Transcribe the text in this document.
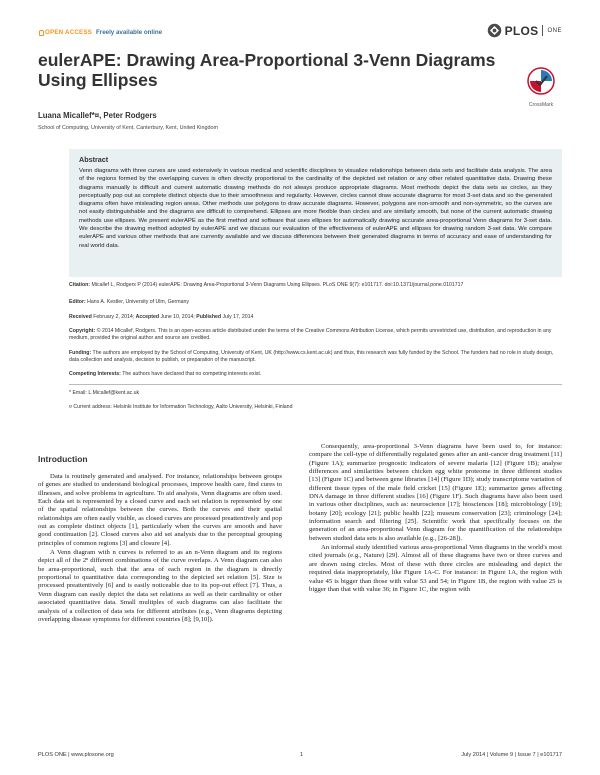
OPEN ACCESS Freely available online	PLOS ONE
eulerAPE: Drawing Area-Proportional 3-Venn Diagrams Using Ellipses
CrossMark
Luana Micallef*¤, Peter Rodgers
School of Computing, University of Kent, Canterbury, Kent, United Kingdom
Abstract

Venn diagrams with three curves are used extensively in various medical and scientific disciplines to visualize relationships between data sets and facilitate data analysis. The area of the regions formed by the overlapping curves is often directly proportional to the cardinality of the depicted set relation or any other related quantitative data. Drawing these diagrams manually is difficult and current automatic drawing methods do not always produce appropriate diagrams. Most methods depict the data sets as circles, as they perceptually pop out as complete distinct objects due to their smoothness and regularity. However, circles cannot draw accurate diagrams for most 3-set data and so the generated diagrams often have misleading region areas. Other methods use polygons to draw accurate diagrams. However, polygons are non-smooth and non-symmetric, so the curves are not easily distinguishable and the diagrams are difficult to comprehend. Ellipses are more flexible than circles and are similarly smooth, but none of the current automatic drawing methods use ellipses. We present eulerAPE as the first method and software that uses ellipses for automatically drawing accurate area-proportional Venn diagrams for 3-set data. We describe the drawing method adopted by eulerAPE and we discuss our evaluation of the effectiveness of eulerAPE and ellipses for drawing random 3-set data. We compare eulerAPE and various other methods that are currently available and we discuss differences between their generated diagrams in terms of accuracy and ease of understanding for real world data.

Citation: Micallef L, Rodgers P (2014) eulerAPE: Drawing Area-Proportional 3-Venn Diagrams Using Ellipses. PLoS ONE 9(7): e101717. doi:10.1371/journal.pone.0101717
Editor: Hans A. Kestler, University of Ulm, Germany
Received February 2, 2014; Accepted June 10, 2014; Published July 17, 2014
Copyright: © 2014 Micallef, Rodgers. This is an open-access article distributed under the terms of the Creative Commons Attribution License, which permits unrestricted use, distribution, and reproduction in any medium, provided the original author and source are credited.
Funding: The authors are employed by the School of Computing, University of Kent, UK (http://www.cs.kent.ac.uk) and thus, this research was fully funded by the School. The funders had no role in study design, data collection and analysis, decision to publish, or preparation of the manuscript.
Competing Interests: The authors have declared that no competing interests exist.
* Email: L.Micallef@kent.ac.uk
¤ Current address: Helsinki Institute for Information Technology, Aalto University, Helsinki, Finland
Introduction

Data is routinely generated and analysed. For instance, relationships between groups of genes are studied to understand biological processes, improve health care, find cures to illnesses, and solve problems in agriculture. To aid analysis, Venn diagrams are often used. Each data set is represented by a closed curve and each set relation is represented by one of the spatial relationships between the curves. Both the curves and their spatial relationships are often easily visible, as closed curves are processed preattentively and pop out as complete distinct objects [1], particularly when the curves are smooth and have good continuation [2]. Closed curves also aid set analysis due to the perceptual grouping principles of common regions [3] and closure [4].

A Venn diagram with n curves is referred to as an n-Venn diagram and its regions depict all of the 2ⁿ different combinations of the curve overlaps. A Venn diagram can also be area-proportional, such that the area of each region in the diagram is directly proportional to quantitative data corresponding to the depicted set relation [5]. Size is processed preattentively [6] and is easily noticeable due to its pop-out effect [7]. Thus, a Venn diagram can easily depict the data set relations as well as their cardinality or other associated quantitative data. Small multiples of such diagrams can also facilitate the analysis of a collection of data sets for different attributes (e.g., Venn diagrams depicting overlapping disease symptoms for different countries [8]; [9,10]).

Consequently, area-proportional 3-Venn diagrams have been used to, for instance: compare the cell-type of differentially regulated genes after an anti-cancer drug treatment [11] (Figure 1A); summarize prognostic indicators of severe malaria [12] (Figure 1B); analyse differences and similarities between chicken egg white proteome in three different studies [13] (Figure 1C) and between gene libraries [14] (Figure 1D); study transcriptome variation of different tissue types of the male field cricket [15] (Figure 1E); summarize genes affecting DNA damage in three different studies [16] (Figure 1F). Such diagrams have also been used in various other disciplines, such as: neuroscience [17]; biosciences [18]; microbiology [19]; botany [20]; ecology [21]; public health [22]; museum conservation [23]; criminology [24]; information search and filtering [25]. Scientific work that specifically focuses on the generation of an area-proportional Venn diagram for the quantification of the relationships between studied data sets is also available (e.g., [26-28]).

An informal study identified various area-proportional Venn diagrams in the world's most cited journals (e.g., Nature) [29]. Almost all of these diagrams have two or three curves and are drawn using circles. Most of these with three circles are misleading and depict the required data inappropriately, like Figure 1A-C. For instance: in Figure 1A, the region with value 45 is bigger than those with value 53 and 54; in Figure 1B, the region with value 25 is bigger than that with value 36; in Figure 1C, the region with

PLOS ONE | www.plosone.org	1	July 2014 | Volume 9 | Issue 7 | e101717
